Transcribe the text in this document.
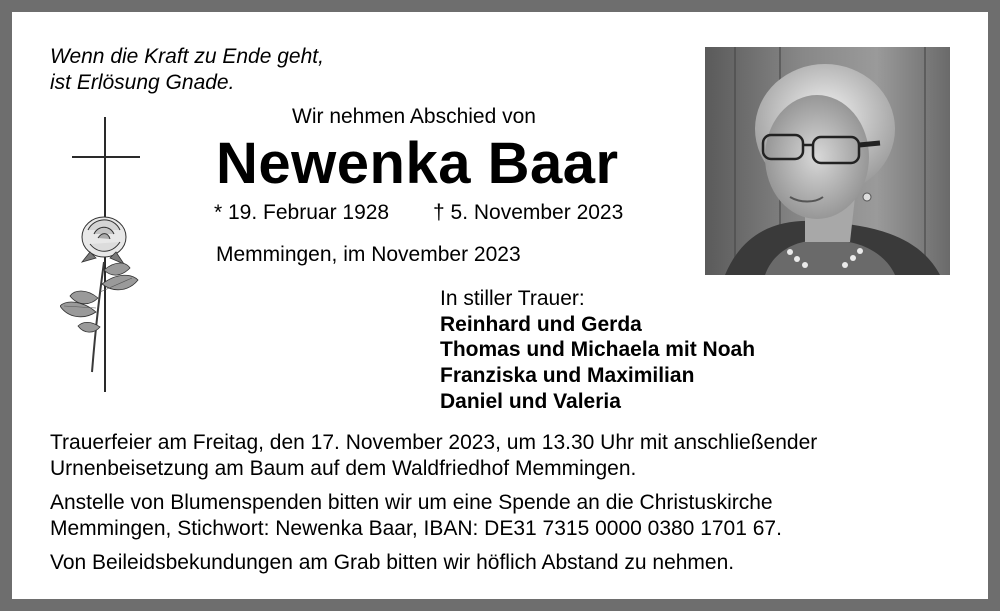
Wenn die Kraft zu Ende geht,
ist Erlösung Gnade.
Wir nehmen Abschied von
Newenka Baar
* 19. Februar 1928 † 5. November 2023
Memmingen, im November 2023
In stiller Trauer:
Reinhard und Gerda
Thomas und Michaela mit Noah
Franziska und Maximilian
Daniel und Valeria
Trauerfeier am Freitag, den 17. November 2023, um 13.30 Uhr mit anschließender
Urnenbeisetzung am Baum auf dem Waldfriedhof Memmingen.
Anstelle von Blumenspenden bitten wir um eine Spende an die Christuskirche
Memmingen, Stichwort: Newenka Baar, IBAN: DE31 7315 0000 0380 1701 67.
Von Beileidsbekundungen am Grab bitten wir höflich Abstand zu nehmen.
